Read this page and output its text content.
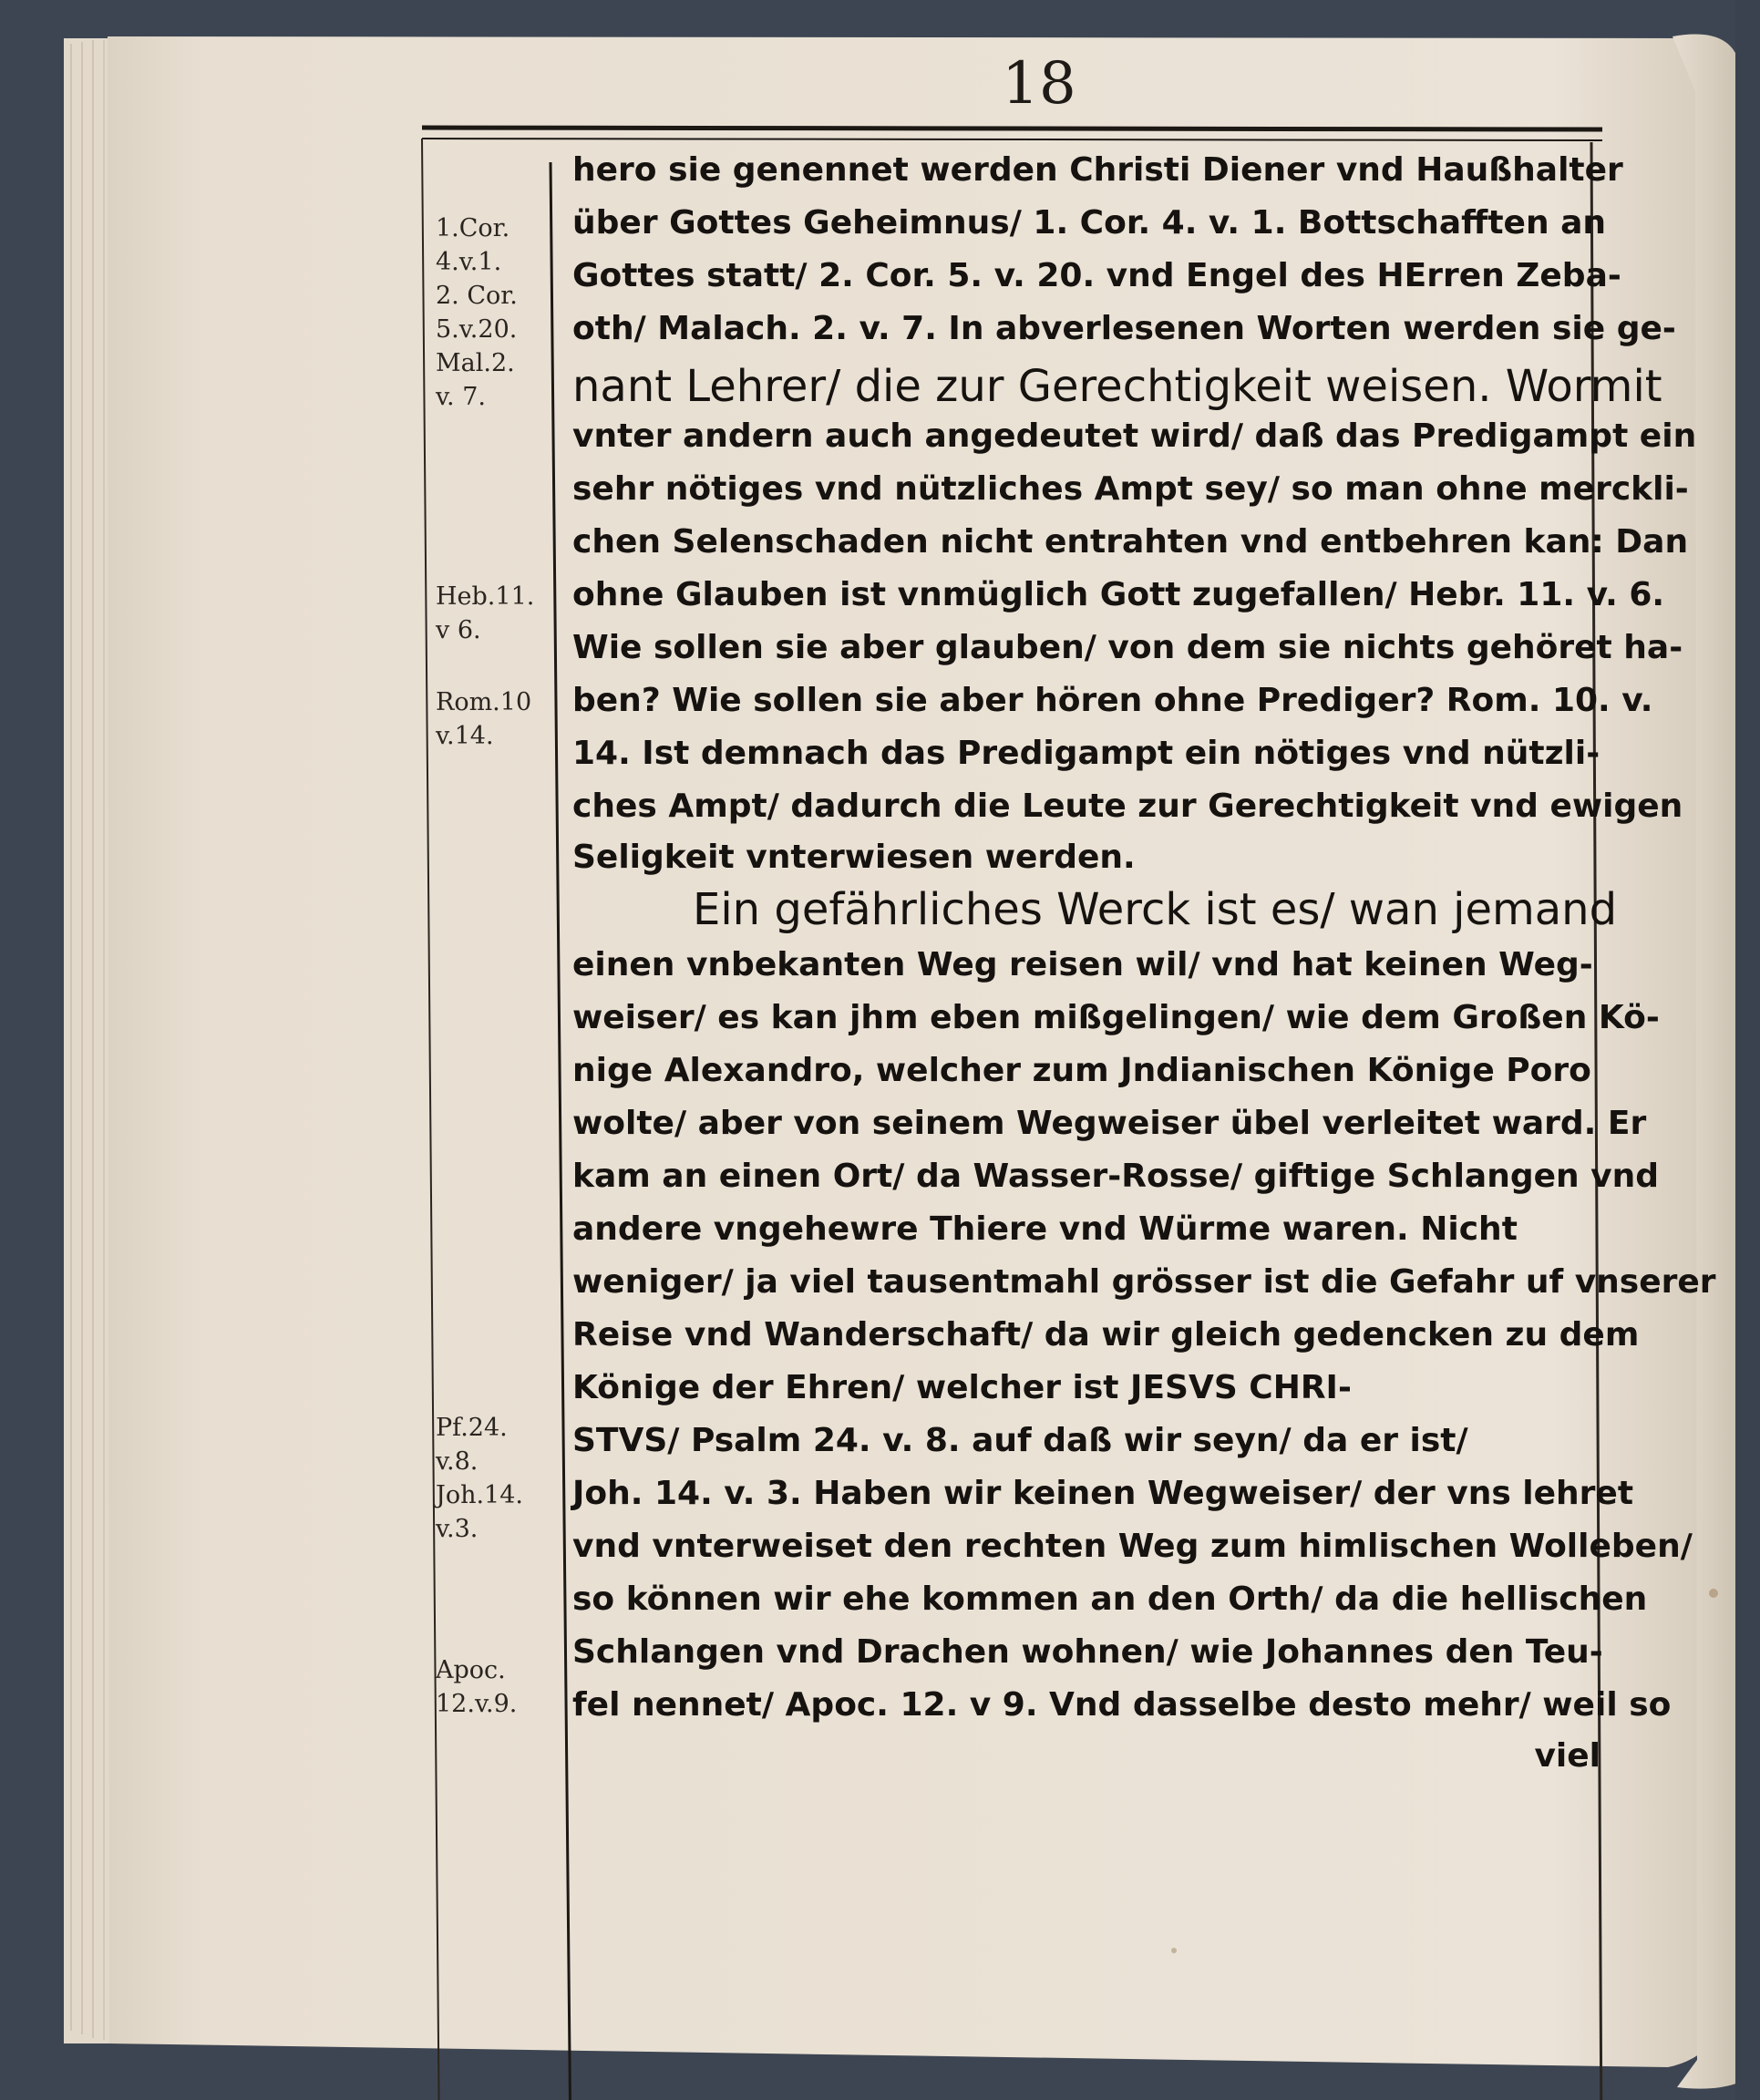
18
1.Cor.
4.v.1.
2. Cor.
5.v.20.
Mal.2.
v. 7.
Heb.11.
v 6.
Rom.10
v.14.
Pf.24.
v.8.
Joh.14.
v.3.
Apoc.
12.v.9.
hero sie genennet werden Christi Diener vnd Haußhalter
über Gottes Geheimnus/ 1. Cor. 4. v. 1. Bottschafften an
Gottes statt/ 2. Cor. 5. v. 20. vnd Engel des HErren Zeba-
oth/ Malach. 2. v. 7. In abverlesenen Worten werden sie ge-
nant Lehrer/ die zur Gerechtigkeit weisen. Wormit
vnter andern auch angedeutet wird/ daß das Predigampt ein
sehr nötiges vnd nützliches Ampt sey/ so man ohne merckli-
chen Selenschaden nicht entrahten vnd entbehren kan: Dan
ohne Glauben ist vnmüglich Gott zugefallen/ Hebr. 11. v. 6.
Wie sollen sie aber glauben/ von dem sie nichts gehöret ha-
ben? Wie sollen sie aber hören ohne Prediger? Rom. 10. v.
14. Ist demnach das Predigampt ein nötiges vnd nützli-
ches Ampt/ dadurch die Leute zur Gerechtigkeit vnd ewigen
Seligkeit vnterwiesen werden.
Ein gefährliches Werck ist es/ wan jemand
einen vnbekanten Weg reisen wil/ vnd hat keinen Weg-
weiser/ es kan jhm eben mißgelingen/ wie dem Großen Kö-
nige Alexandro, welcher zum Jndianischen Könige Poro
wolte/ aber von seinem Wegweiser übel verleitet ward. Er
kam an einen Ort/ da Wasser-Rosse/ giftige Schlangen vnd
andere vngehewre Thiere vnd Würme waren. Nicht
weniger/ ja viel tausentmahl grösser ist die Gefahr uf vnserer
Reise vnd Wanderschaft/ da wir gleich gedencken zu dem
Könige der Ehren/ welcher ist JESVS CHRI-
STVS/ Psalm 24. v. 8. auf daß wir seyn/ da er ist/
Joh. 14. v. 3. Haben wir keinen Wegweiser/ der vns lehret
vnd vnterweiset den rechten Weg zum himlischen Wolleben/
so können wir ehe kommen an den Orth/ da die hellischen
Schlangen vnd Drachen wohnen/ wie Johannes den Teu-
fel nennet/ Apoc. 12. v 9. Vnd dasselbe desto mehr/ weil so
viel
